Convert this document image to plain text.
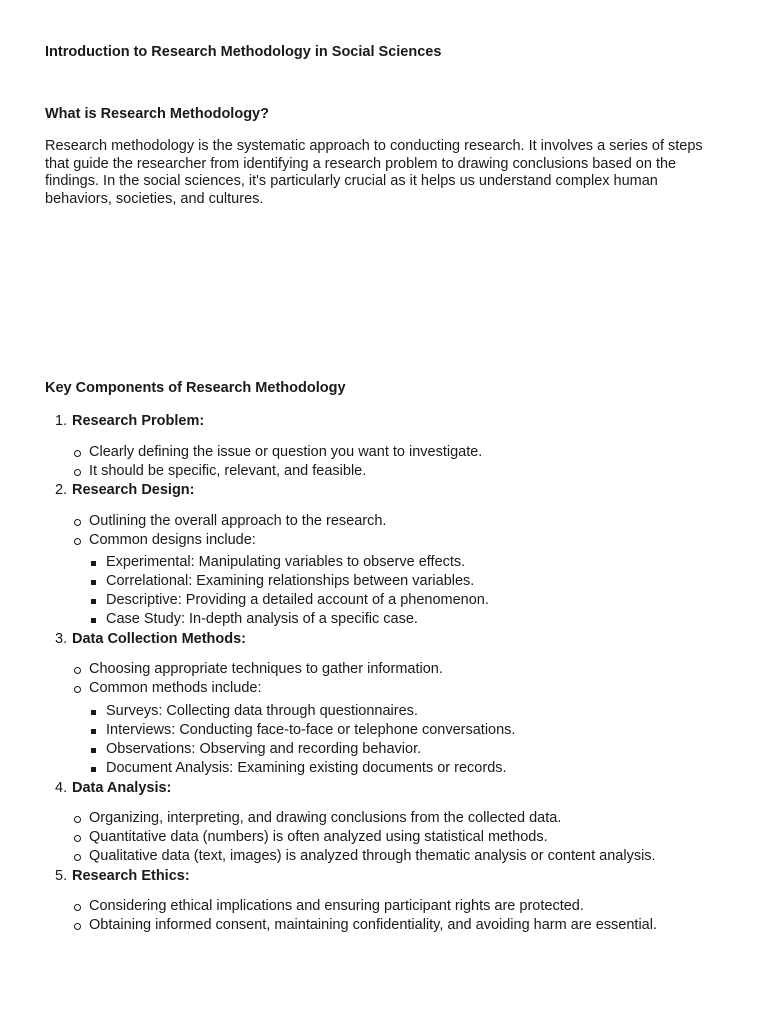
Introduction to Research Methodology in Social Sciences
What is Research Methodology?

Research methodology is the systematic approach to conducting research. It involves a series of steps that guide the researcher from identifying a research problem to drawing conclusions based on the findings. In the social sciences, it's particularly crucial as it helps us understand complex human behaviors, societies, and cultures.

Key Components of Research Methodology
1. Research Problem:
Clearly defining the issue or question you want to investigate.
It should be specific, relevant, and feasible.
2. Research Design:
Outlining the overall approach to the research.
Common designs include:
Experimental: Manipulating variables to observe effects.
Correlational: Examining relationships between variables.
Descriptive: Providing a detailed account of a phenomenon.
Case Study: In-depth analysis of a specific case.
3. Data Collection Methods:
Choosing appropriate techniques to gather information.
Common methods include:
Surveys: Collecting data through questionnaires.
Interviews: Conducting face-to-face or telephone conversations.
Observations: Observing and recording behavior.
Document Analysis: Examining existing documents or records.
4. Data Analysis:
Organizing, interpreting, and drawing conclusions from the collected data.
Quantitative data (numbers) is often analyzed using statistical methods.
Qualitative data (text, images) is analyzed through thematic analysis or content analysis.
5. Research Ethics:
Considering ethical implications and ensuring participant rights are protected.
Obtaining informed consent, maintaining confidentiality, and avoiding harm are essential.
